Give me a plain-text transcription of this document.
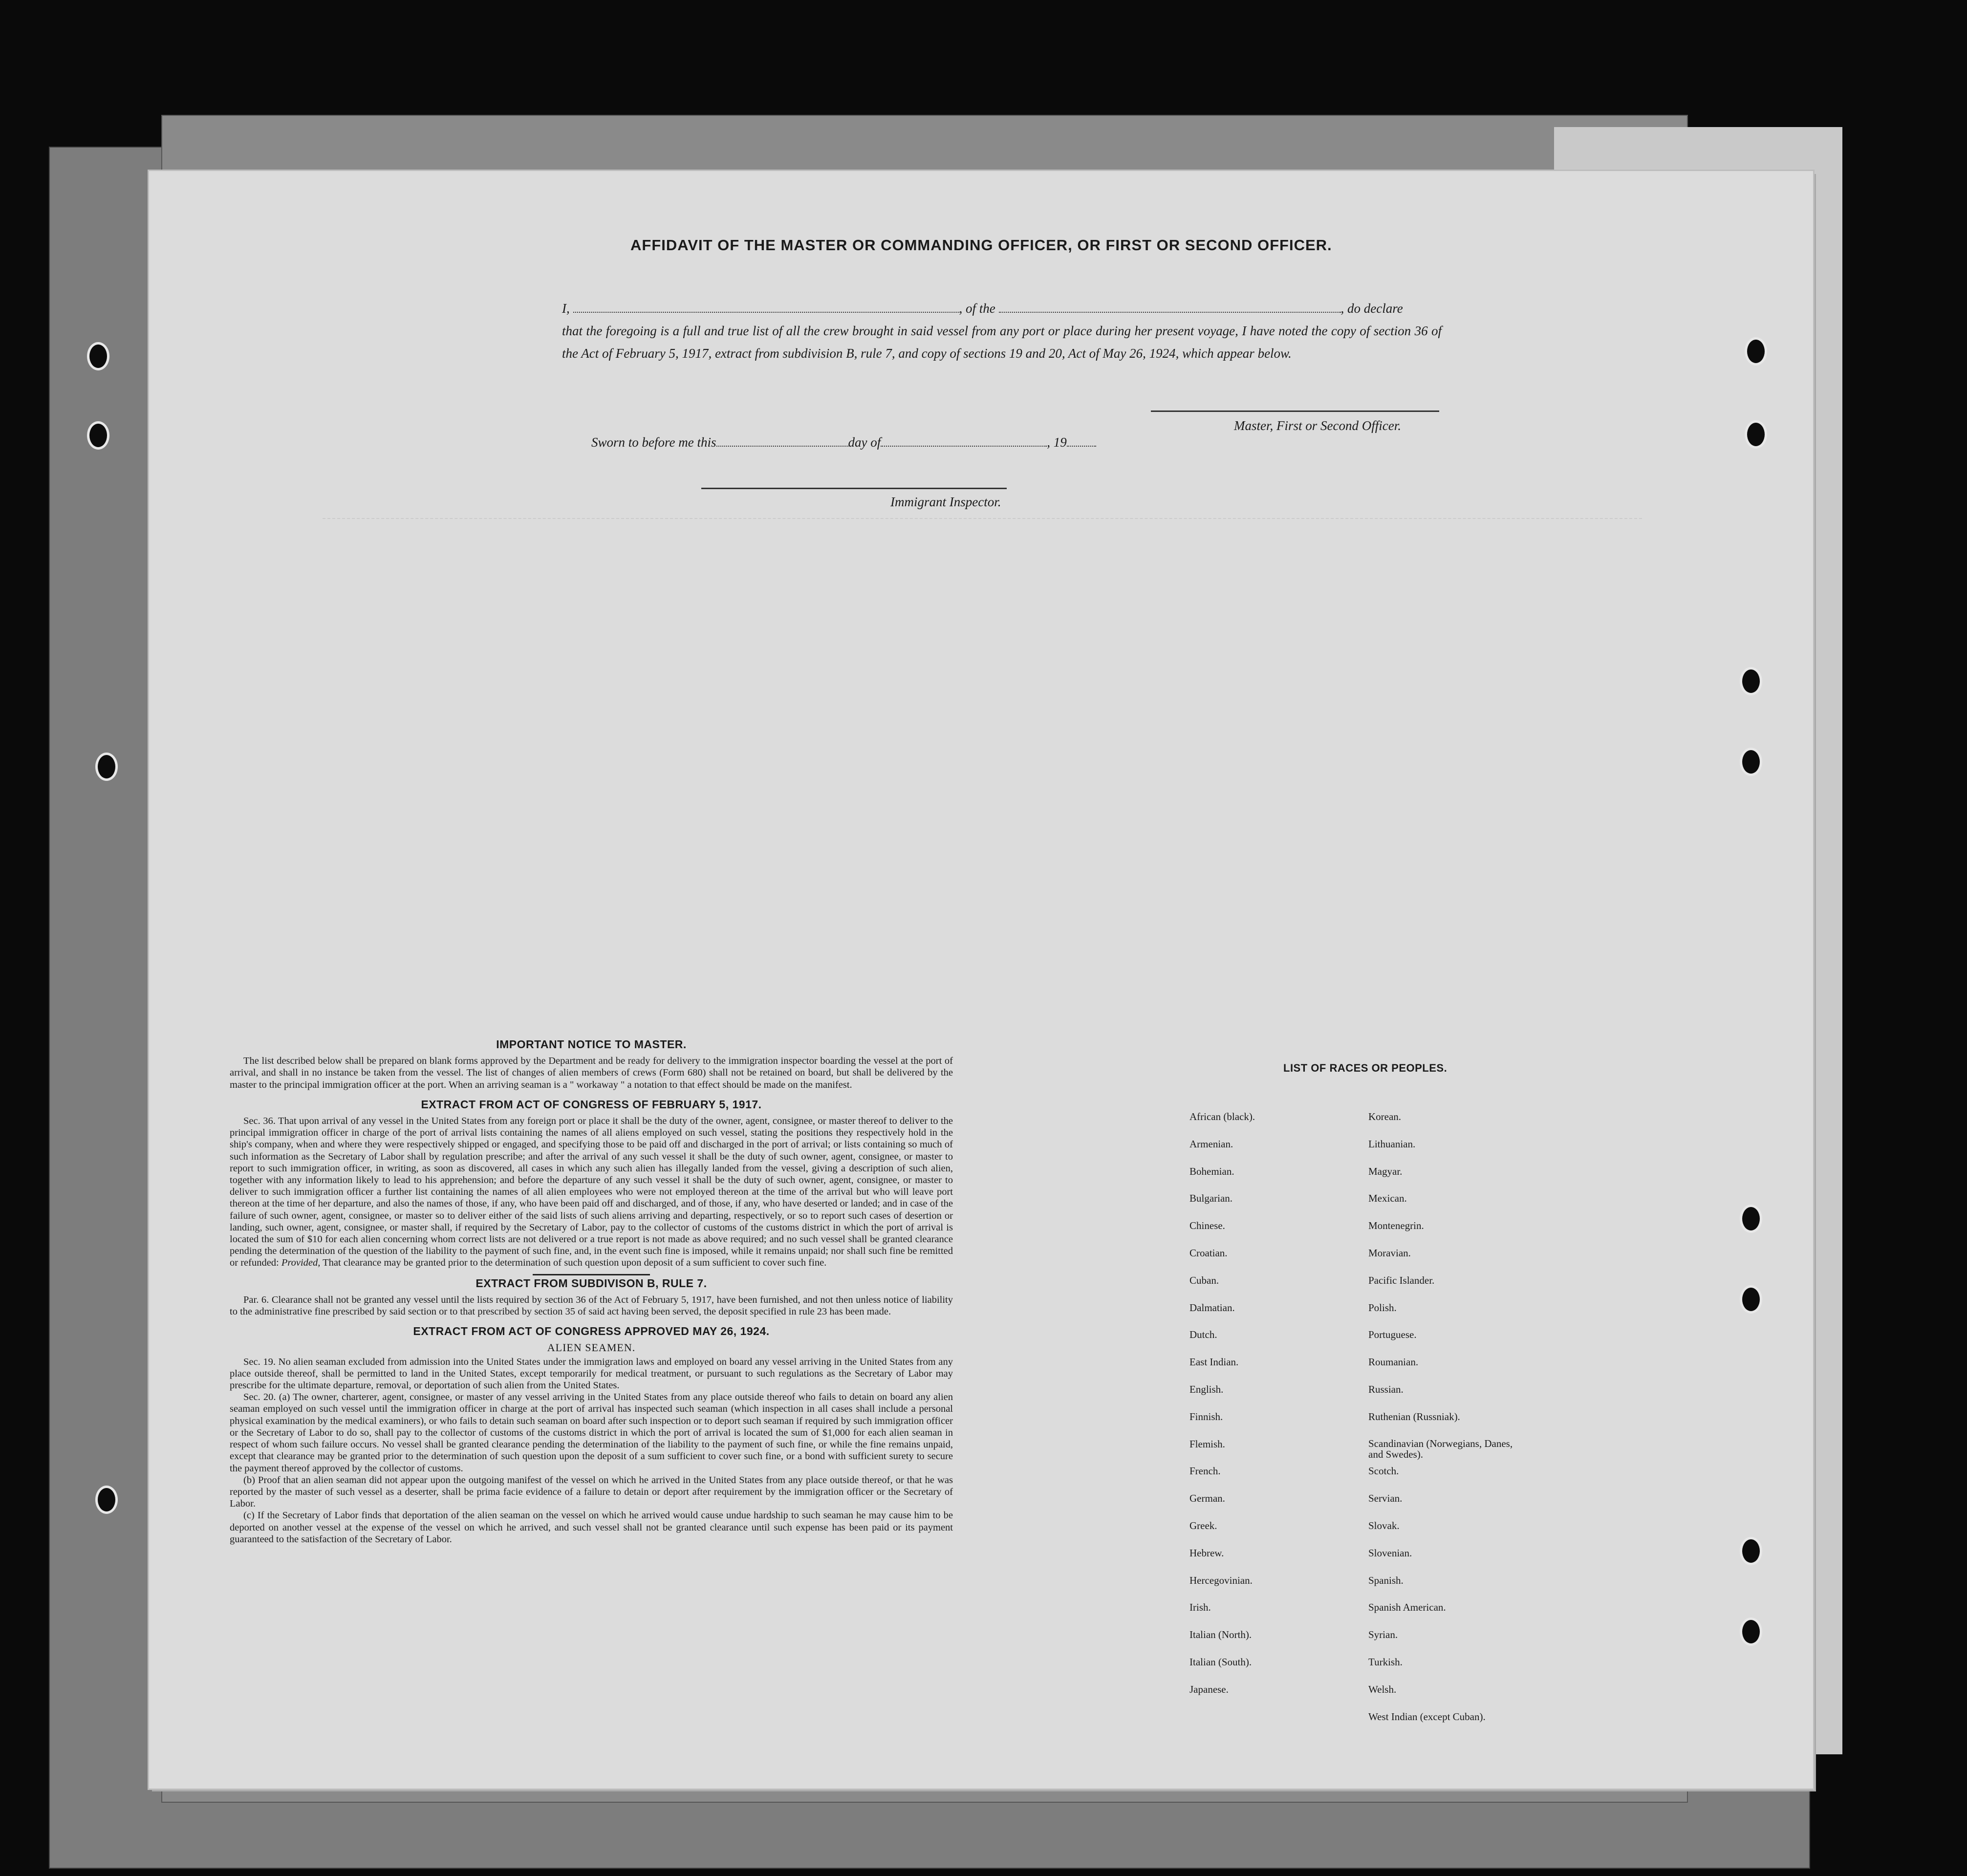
AFFIDAVIT OF THE MASTER OR COMMANDING OFFICER, OR FIRST OR SECOND OFFICER.

I,	, of the	, do declare

that the foregoing is a full and true list of all the crew brought in said vessel from any port or place during her present voyage, I have noted the copy of section 36 of the Act of February 5, 1917, extract from subdivision B, rule 7, and copy of sections 19 and 20, Act of May 26, 1924, which appear below.

Master, First or Second Officer.
Sworn to before me this	day of	, 19
Immigrant Inspector.
IMPORTANT NOTICE TO MASTER.

The list described below shall be prepared on blank forms approved by the Department and be ready for delivery to the immigration inspector boarding the vessel at the port of arrival, and shall in no instance be taken from the vessel. The list of changes of alien members of crews (Form 680) shall not be retained on board, but shall be delivered by the master to the principal immigration officer at the port. When an arriving seaman is a " workaway " a notation to that effect should be made on the manifest.

EXTRACT FROM ACT OF CONGRESS OF FEBRUARY 5, 1917.

Sec. 36. That upon arrival of any vessel in the United States from any foreign port or place it shall be the duty of the owner, agent, consignee, or master thereof to deliver to the principal immigration officer in charge of the port of arrival lists containing the names of all aliens employed on such vessel, stating the positions they respectively hold in the ship's company, when and where they were respectively shipped or engaged, and specifying those to be paid off and discharged in the port of arrival; or lists containing so much of such information as the Secretary of Labor shall by regulation prescribe; and after the arrival of any such vessel it shall be the duty of such owner, agent, consignee, or master to report to such immigration officer, in writing, as soon as discovered, all cases in which any such alien has illegally landed from the vessel, giving a description of such alien, together with any information likely to lead to his apprehension; and before the departure of any such vessel it shall be the duty of such owner, agent, consignee, or master to deliver to such immigration officer a further list containing the names of all alien employees who were not employed thereon at the time of the arrival but who will leave port thereon at the time of her departure, and also the names of those, if any, who have been paid off and discharged, and of those, if any, who have deserted or landed; and in case of the failure of such owner, agent, consignee, or master so to deliver either of the said lists of such aliens arriving and departing, respectively, or so to report such cases of desertion or landing, such owner, agent, consignee, or master shall, if required by the Secretary of Labor, pay to the collector of customs of the customs district in which the port of arrival is located the sum of $10 for each alien concerning whom correct lists are not delivered or a true report is not made as above required; and no such vessel shall be granted clearance pending the determination of the question of the liability to the payment of such fine, and, in the event such fine is imposed, while it remains unpaid; nor shall such fine be remitted or refunded: Provided, That clearance may be granted prior to the determination of such question upon deposit of a sum sufficient to cover such fine.

EXTRACT FROM SUBDIVISON B, RULE 7.

Par. 6. Clearance shall not be granted any vessel until the lists required by section 36 of the Act of February 5, 1917, have been furnished, and not then unless notice of liability to the administrative fine prescribed by said section or to that prescribed by section 35 of said act having been served, the deposit specified in rule 23 has been made.

EXTRACT FROM ACT OF CONGRESS APPROVED MAY 26, 1924.
ALIEN SEAMEN.

Sec. 19. No alien seaman excluded from admission into the United States under the immigration laws and employed on board any vessel arriving in the United States from any place outside thereof, shall be permitted to land in the United States, except temporarily for medical treatment, or pursuant to such regulations as the Secretary of Labor may prescribe for the ultimate departure, removal, or deportation of such alien from the United States.

Sec. 20. (a) The owner, charterer, agent, consignee, or master of any vessel arriving in the United States from any place outside thereof who fails to detain on board any alien seaman employed on such vessel until the immigration officer in charge at the port of arrival has inspected such seaman (which inspection in all cases shall include a personal physical examination by the medical examiners), or who fails to detain such seaman on board after such inspection or to deport such seaman if required by such immigration officer or the Secretary of Labor to do so, shall pay to the collector of customs of the customs district in which the port of arrival is located the sum of $1,000 for each alien seaman in respect of whom such failure occurs. No vessel shall be granted clearance pending the determination of the liability to the payment of such fine, or while the fine remains unpaid, except that clearance may be granted prior to the determination of such question upon the deposit of a sum sufficient to cover such fine, or a bond with sufficient surety to secure the payment thereof approved by the collector of customs.

(b) Proof that an alien seaman did not appear upon the outgoing manifest of the vessel on which he arrived in the United States from any place outside thereof, or that he was reported by the master of such vessel as a deserter, shall be prima facie evidence of a failure to detain or deport after requirement by the immigration officer or the Secretary of Labor.

(c) If the Secretary of Labor finds that deportation of the alien seaman on the vessel on which he arrived would cause undue hardship to such seaman he may cause him to be deported on another vessel at the expense of the vessel on which he arrived, and such vessel shall not be granted clearance until such expense has been paid or its payment guaranteed to the satisfaction of the Secretary of Labor.

LIST OF RACES OR PEOPLES.
African (black).
Armenian.
Bohemian.
Bulgarian.
Chinese.
Croatian.
Cuban.
Dalmatian.
Dutch.
East Indian.
English.
Finnish.
Flemish.
French.
German.
Greek.
Hebrew.
Hercegovinian.
Irish.
Italian (North).
Italian (South).
Japanese.
Korean.
Lithuanian.
Magyar.
Mexican.
Montenegrin.
Moravian.
Pacific Islander.
Polish.
Portuguese.
Roumanian.
Russian.
Ruthenian (Russniak).
Scandinavian (Norwegians, Danes, and Swedes).
Scotch.
Servian.
Slovak.
Slovenian.
Spanish.
Spanish American.
Syrian.
Turkish.
Welsh.
West Indian (except Cuban).
